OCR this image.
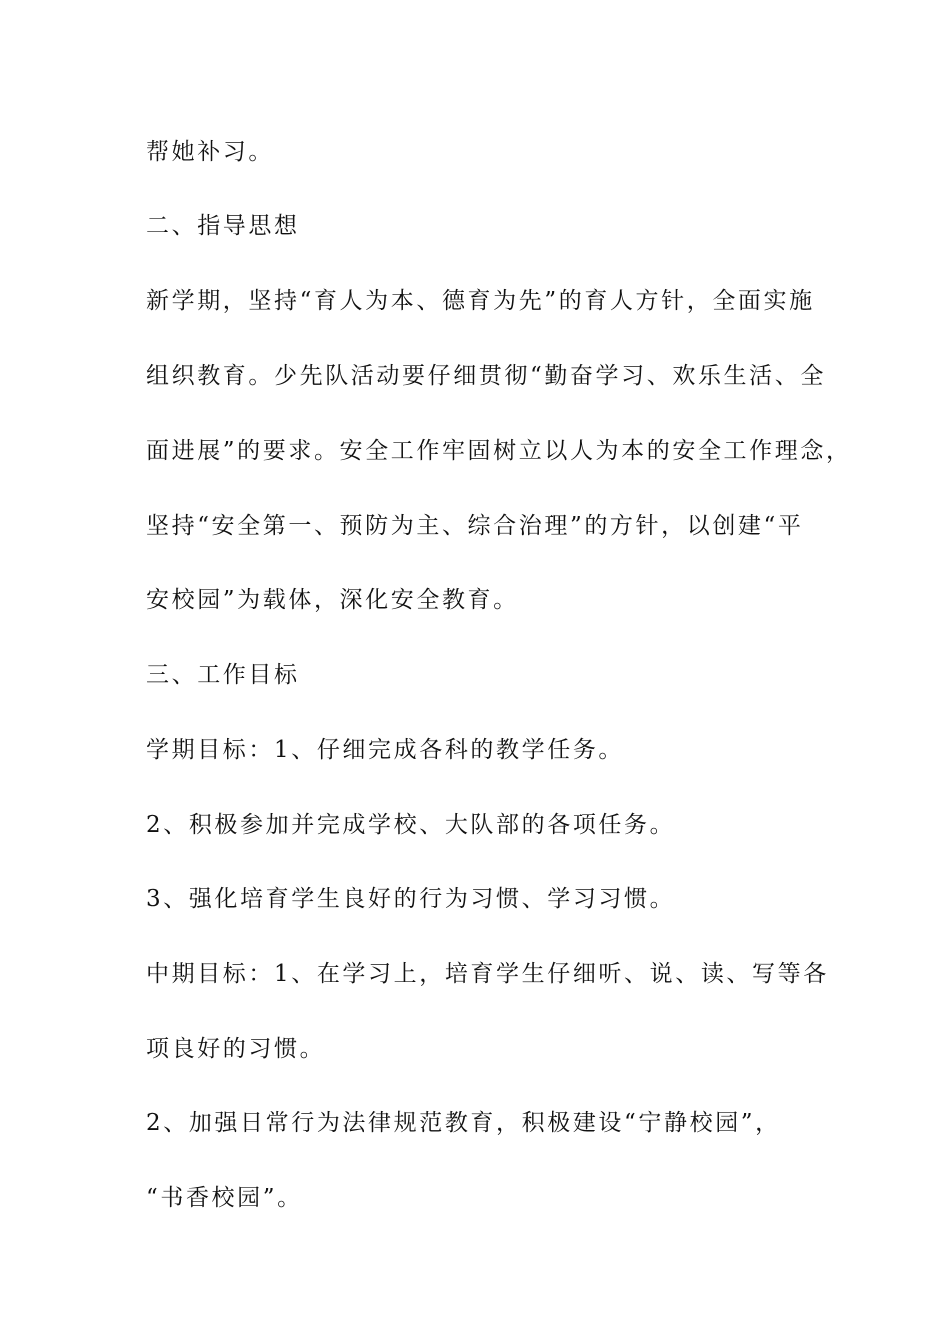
帮她补习。
二、指导思想
新学期，坚持“育人为本、德育为先”的育人方针，全面实施
组织教育。少先队活动要仔细贯彻“勤奋学习、欢乐生活、全
面进展”的要求。安全工作牢固树立以人为本的安全工作理念，
坚持“安全第一、预防为主、综合治理”的方针，以创建“平
安校园”为载体，深化安全教育。
三、工作目标
学期目标：1、仔细完成各科的教学任务。
2、积极参加并完成学校、大队部的各项任务。
3、强化培育学生良好的行为习惯、学习习惯。
中期目标：1、在学习上，培育学生仔细听、说、读、写等各
项良好的习惯。
2、加强日常行为法律规范教育，积极建设“宁静校园”，
“书香校园”。
